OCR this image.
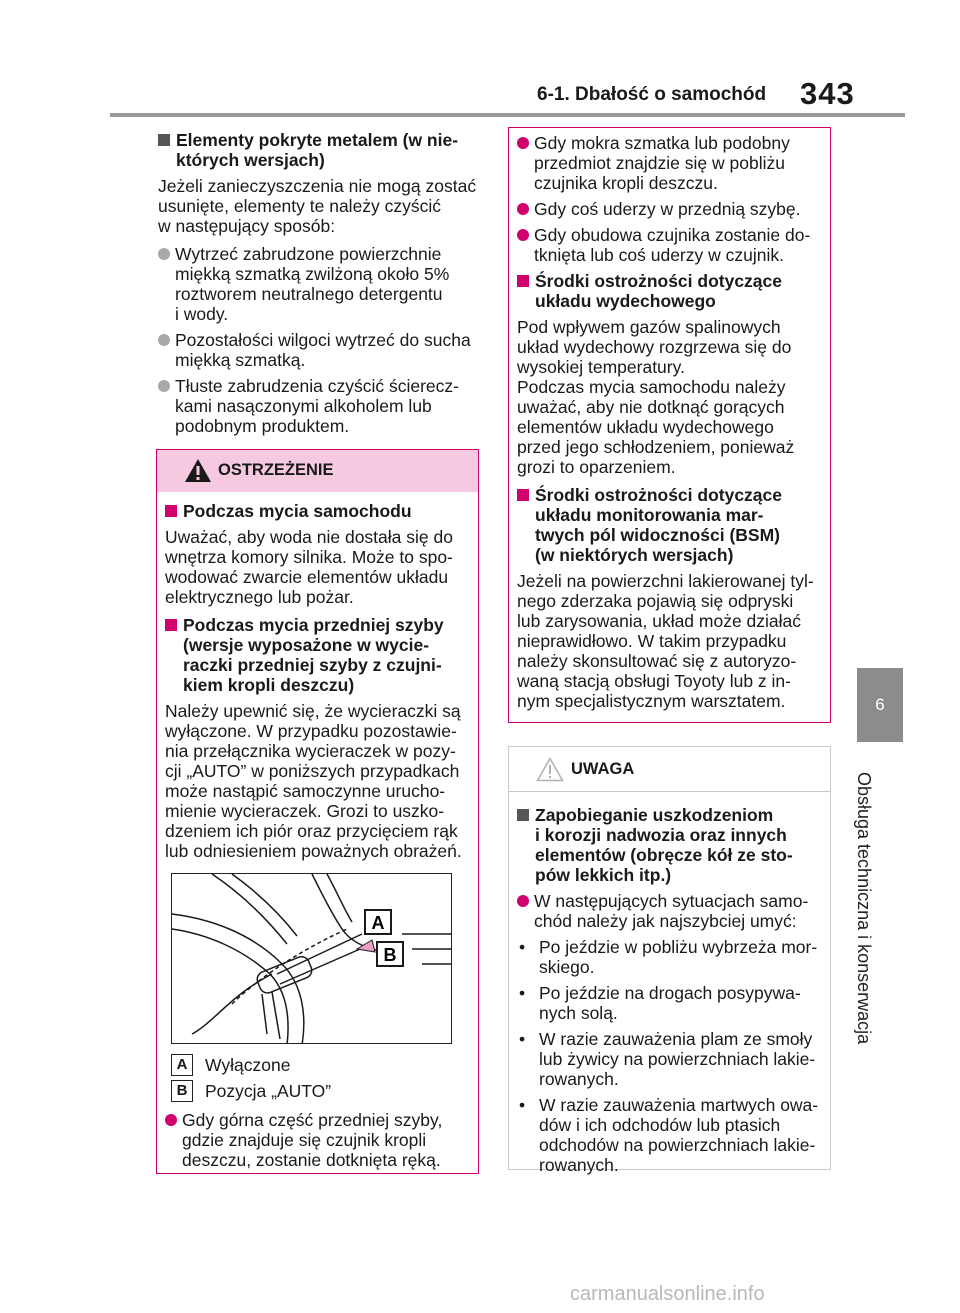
6-1. Dbałość o samochód 343
6
Obsługa techniczna i konserwacja
Elementy pokryte metalem (w nie-
których wersjach)
Jeżeli zanieczyszczenia nie mogą zostać
usunięte, elementy te należy czyścić
w następujący sposób:
Wytrzeć zabrudzone powierzchnie
miękką szmatką zwilżoną około 5%
roztworem neutralnego detergentu
i wody.
Pozostałości wilgoci wytrzeć do sucha
miękką szmatką.
Tłuste zabrudzenia czyścić ścierecz-
kami nasączonymi alkoholem lub
podobnym produktem.
OSTRZEŻENIE
Podczas mycia samochodu
Uważać, aby woda nie dostała się do
wnętrza komory silnika. Może to spo-
wodować zwarcie elementów układu
elektrycznego lub pożar.
Podczas mycia przedniej szyby
(wersje wyposażone w wycie-
raczki przedniej szyby z czujni-
kiem kropli deszczu)
Należy upewnić się, że wycieraczki są
wyłączone. W przypadku pozostawie-
nia przełącznika wycieraczek w pozy-
cji „AUTO” w poniższych przypadkach
może nastąpić samoczynne urucho-
mienie wycieraczek. Grozi to uszko-
dzeniem ich piór oraz przycięciem rąk
lub odniesieniem poważnych obrażeń.
A
B
A	Wyłączone
B	Pozycja „AUTO”
Gdy górna część przedniej szyby,
gdzie znajduje się czujnik kropli
deszczu, zostanie dotknięta ręką.
Gdy mokra szmatka lub podobny
przedmiot znajdzie się w pobliżu
czujnika kropli deszczu.
Gdy coś uderzy w przednią szybę.
Gdy obudowa czujnika zostanie do-
tknięta lub coś uderzy w czujnik.
Środki ostrożności dotyczące
układu wydechowego
Pod wpływem gazów spalinowych
układ wydechowy rozgrzewa się do
wysokiej temperatury.
Podczas mycia samochodu należy
uważać, aby nie dotknąć gorących
elementów układu wydechowego
przed jego schłodzeniem, ponieważ
grozi to oparzeniem.
Środki ostrożności dotyczące
układu monitorowania mar-
twych pól widoczności (BSM)
(w niektórych wersjach)
Jeżeli na powierzchni lakierowanej tyl-
nego zderzaka pojawią się odpryski
lub zarysowania, układ może działać
nieprawidłowo. W takim przypadku
należy skonsultować się z autoryzo-
waną stacją obsługi Toyoty lub z in-
nym specjalistycznym warsztatem.
UWAGA
Zapobieganie uszkodzeniom
i korozji nadwozia oraz innych
elementów (obręcze kół ze sto-
pów lekkich itp.)
W następujących sytuacjach samo-
chód należy jak najszybciej umyć:
• Po jeździe w pobliżu wybrzeża mor-
skiego.
• Po jeździe na drogach posypywa-
nych solą.
• W razie zauważenia plam ze smoły
lub żywicy na powierzchniach lakie-
rowanych.
• W razie zauważenia martwych owa-
dów i ich odchodów lub ptasich
odchodów na powierzchniach lakie-
rowanych.
carmanualsonline.info
